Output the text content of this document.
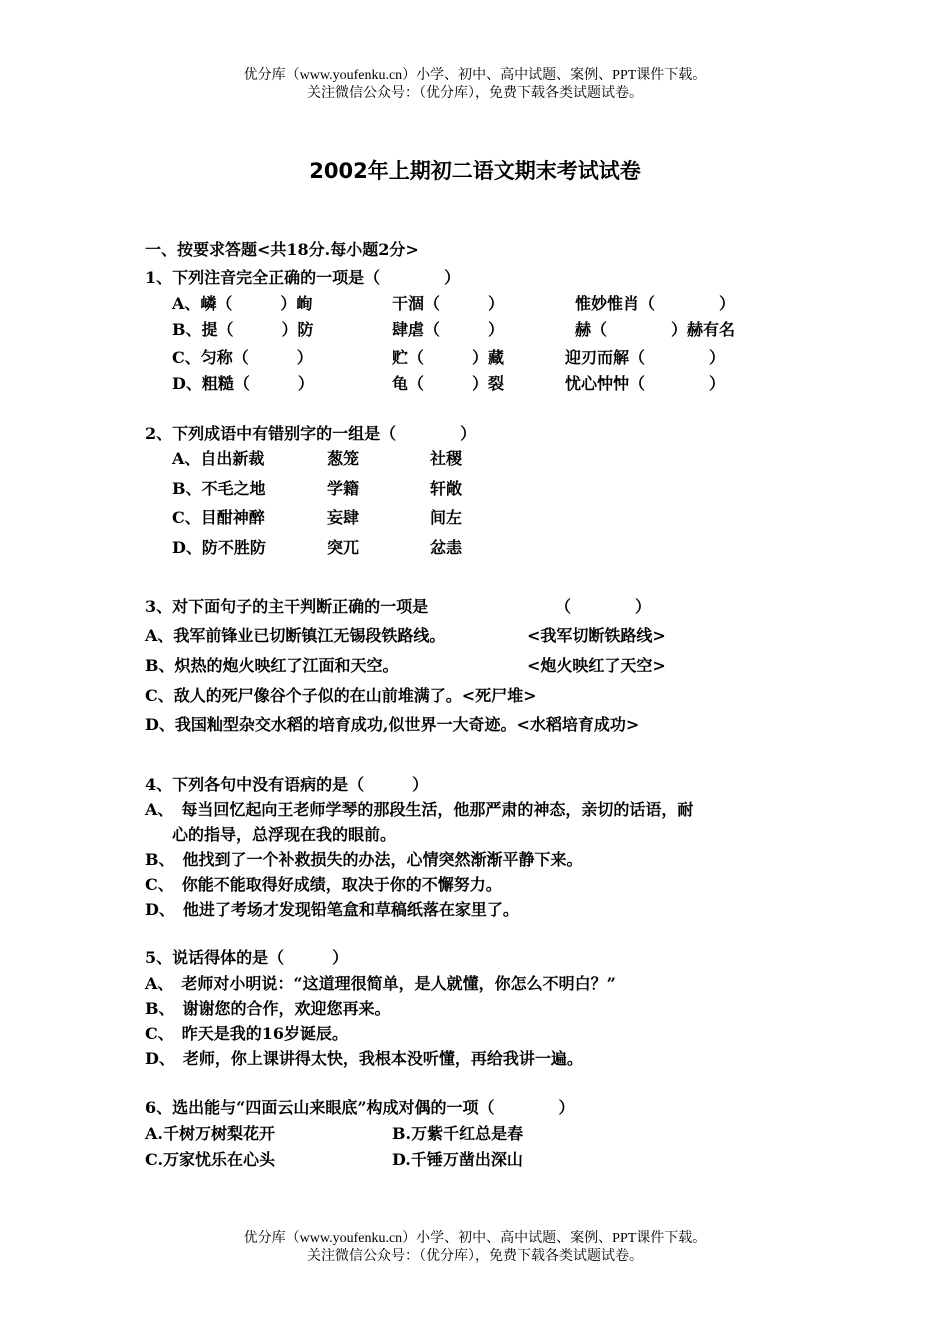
优分库（www.youfenku.cn）小学、初中、高中试题、案例、PPT课件下载。
关注微信公众号：（优分库），免费下载各类试题试卷。
2002年上期初二语文期末考试试卷
一、按要求答题<共18分.每小题2分>
1、下列注音完全正确的一项是（　　　　）
A、嶙（　　　）峋	干涸（　　　）	惟妙惟肖（　　　　）
B、提（　　　）防	肆虐（　　　）	赫（　　　　）赫有名
C、匀称（　　　）	贮（　　　）藏	迎刃而解（　　　　）
D、粗糙（　　　）	龟（　　　）裂	忧心忡忡（　　　　）
2、下列成语中有错别字的一组是（　　　　）
A、自出新裁	葱笼	社稷
B、不毛之地	学籍	轩敞
C、目酣神醉	妄肆	间左
D、防不胜防	突兀	忿恚
3、对下面句子的主干判断正确的一项是	（　　　　）
A、我军前锋业已切断镇江无锡段铁路线。	<我军切断铁路线>
B、炽热的炮火映红了江面和天空。	<炮火映红了天空>
C、敌人的死尸像谷个子似的在山前堆满了。<死尸堆>
D、我国籼型杂交水稻的培育成功,似世界一大奇迹。<水稻培育成功>
4、下列各句中没有语病的是（　　　）
A、　每当回忆起向王老师学琴的那段生活，他那严肃的神态，亲切的话语，耐
心的指导，总浮现在我的眼前。
B、　他找到了一个补救损失的办法，心情突然渐渐平静下来。
C、　你能不能取得好成绩，取决于你的不懈努力。
D、　他进了考场才发现铅笔盒和草稿纸落在家里了。
5、说话得体的是（　　　）
A、　老师对小明说：“这道理很简单，是人就懂，你怎么不明白？”
B、　谢谢您的合作，欢迎您再来。
C、　昨天是我的16岁诞辰。
D、　老师，你上课讲得太快，我根本没听懂，再给我讲一遍。
6、选出能与“四面云山来眼底”构成对偶的一项（　　　　）
A.千树万树梨花开	B.万紫千红总是春
C.万家忧乐在心头	D.千锤万凿出深山
优分库（www.youfenku.cn）小学、初中、高中试题、案例、PPT课件下载。
关注微信公众号：（优分库），免费下载各类试题试卷。
